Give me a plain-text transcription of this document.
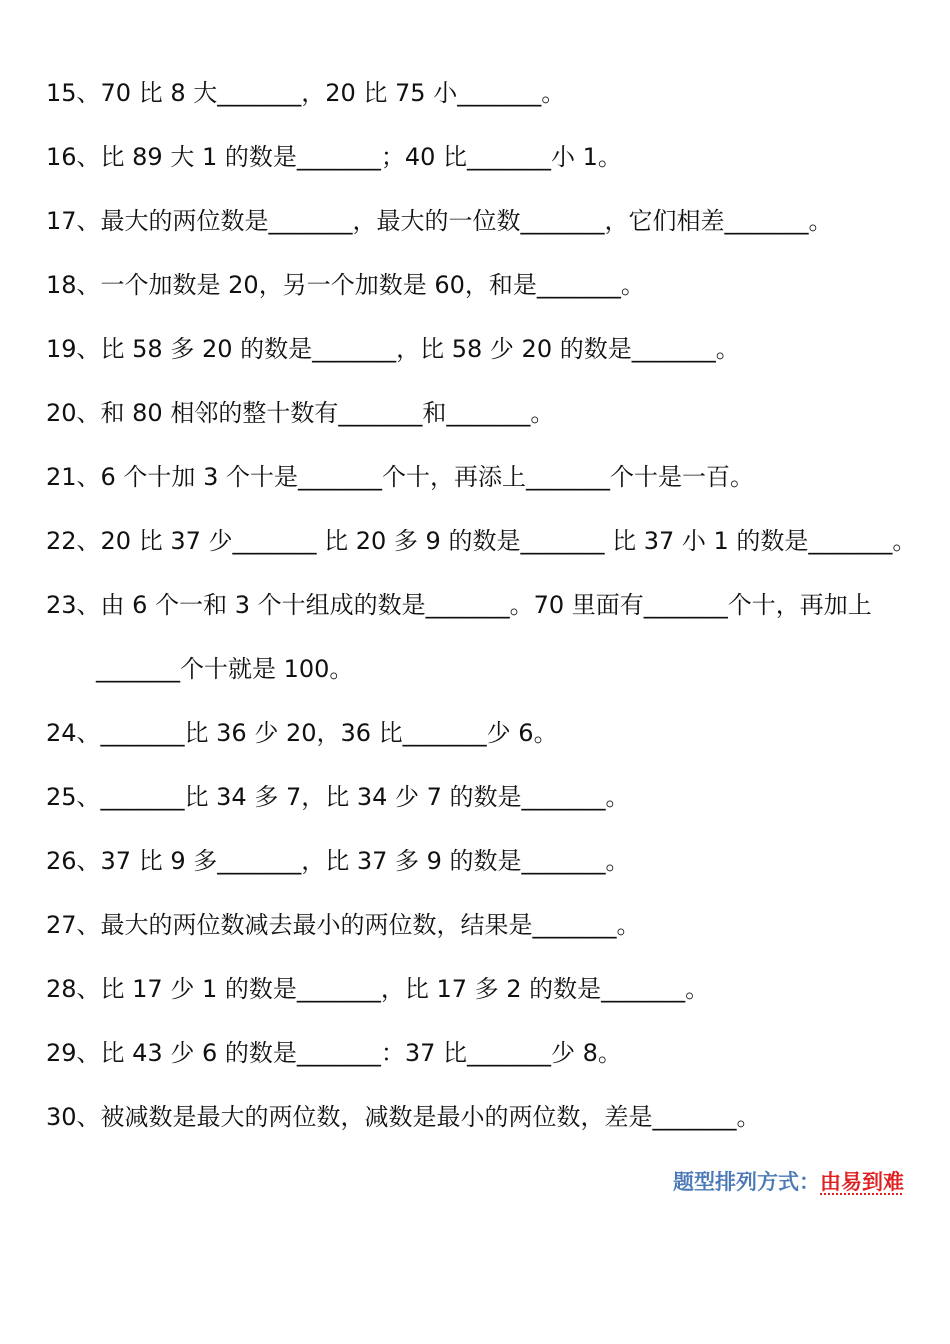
15、70 比 8 大_______，20 比 75 小_______。
16、比 89 大 1 的数是_______；40 比_______小 1。
17、最大的两位数是_______，最大的一位数_______，它们相差_______。
18、一个加数是 20，另一个加数是 60，和是_______。
19、比 58 多 20 的数是_______，比 58 少 20 的数是_______。
20、和 80 相邻的整十数有_______和_______。
21、6 个十加 3 个十是_______个十，再添上_______个十是一百。
22、20 比 37 少_______ 比 20 多 9 的数是_______ 比 37 小 1 的数是_______。
23、由 6 个一和 3 个十组成的数是_______。70 里面有_______个十，再加上
_______个十就是 100。
24、_______比 36 少 20，36 比_______少 6。
25、_______比 34 多 7，比 34 少 7 的数是_______。
26、37 比 9 多_______，比 37 多 9 的数是_______。
27、最大的两位数减去最小的两位数，结果是_______。
28、比 17 少 1 的数是_______，比 17 多 2 的数是_______。
29、比 43 少 6 的数是_______：37 比_______少 8。
30、被减数是最大的两位数，减数是最小的两位数，差是_______。
题型排列方式：由易到难
